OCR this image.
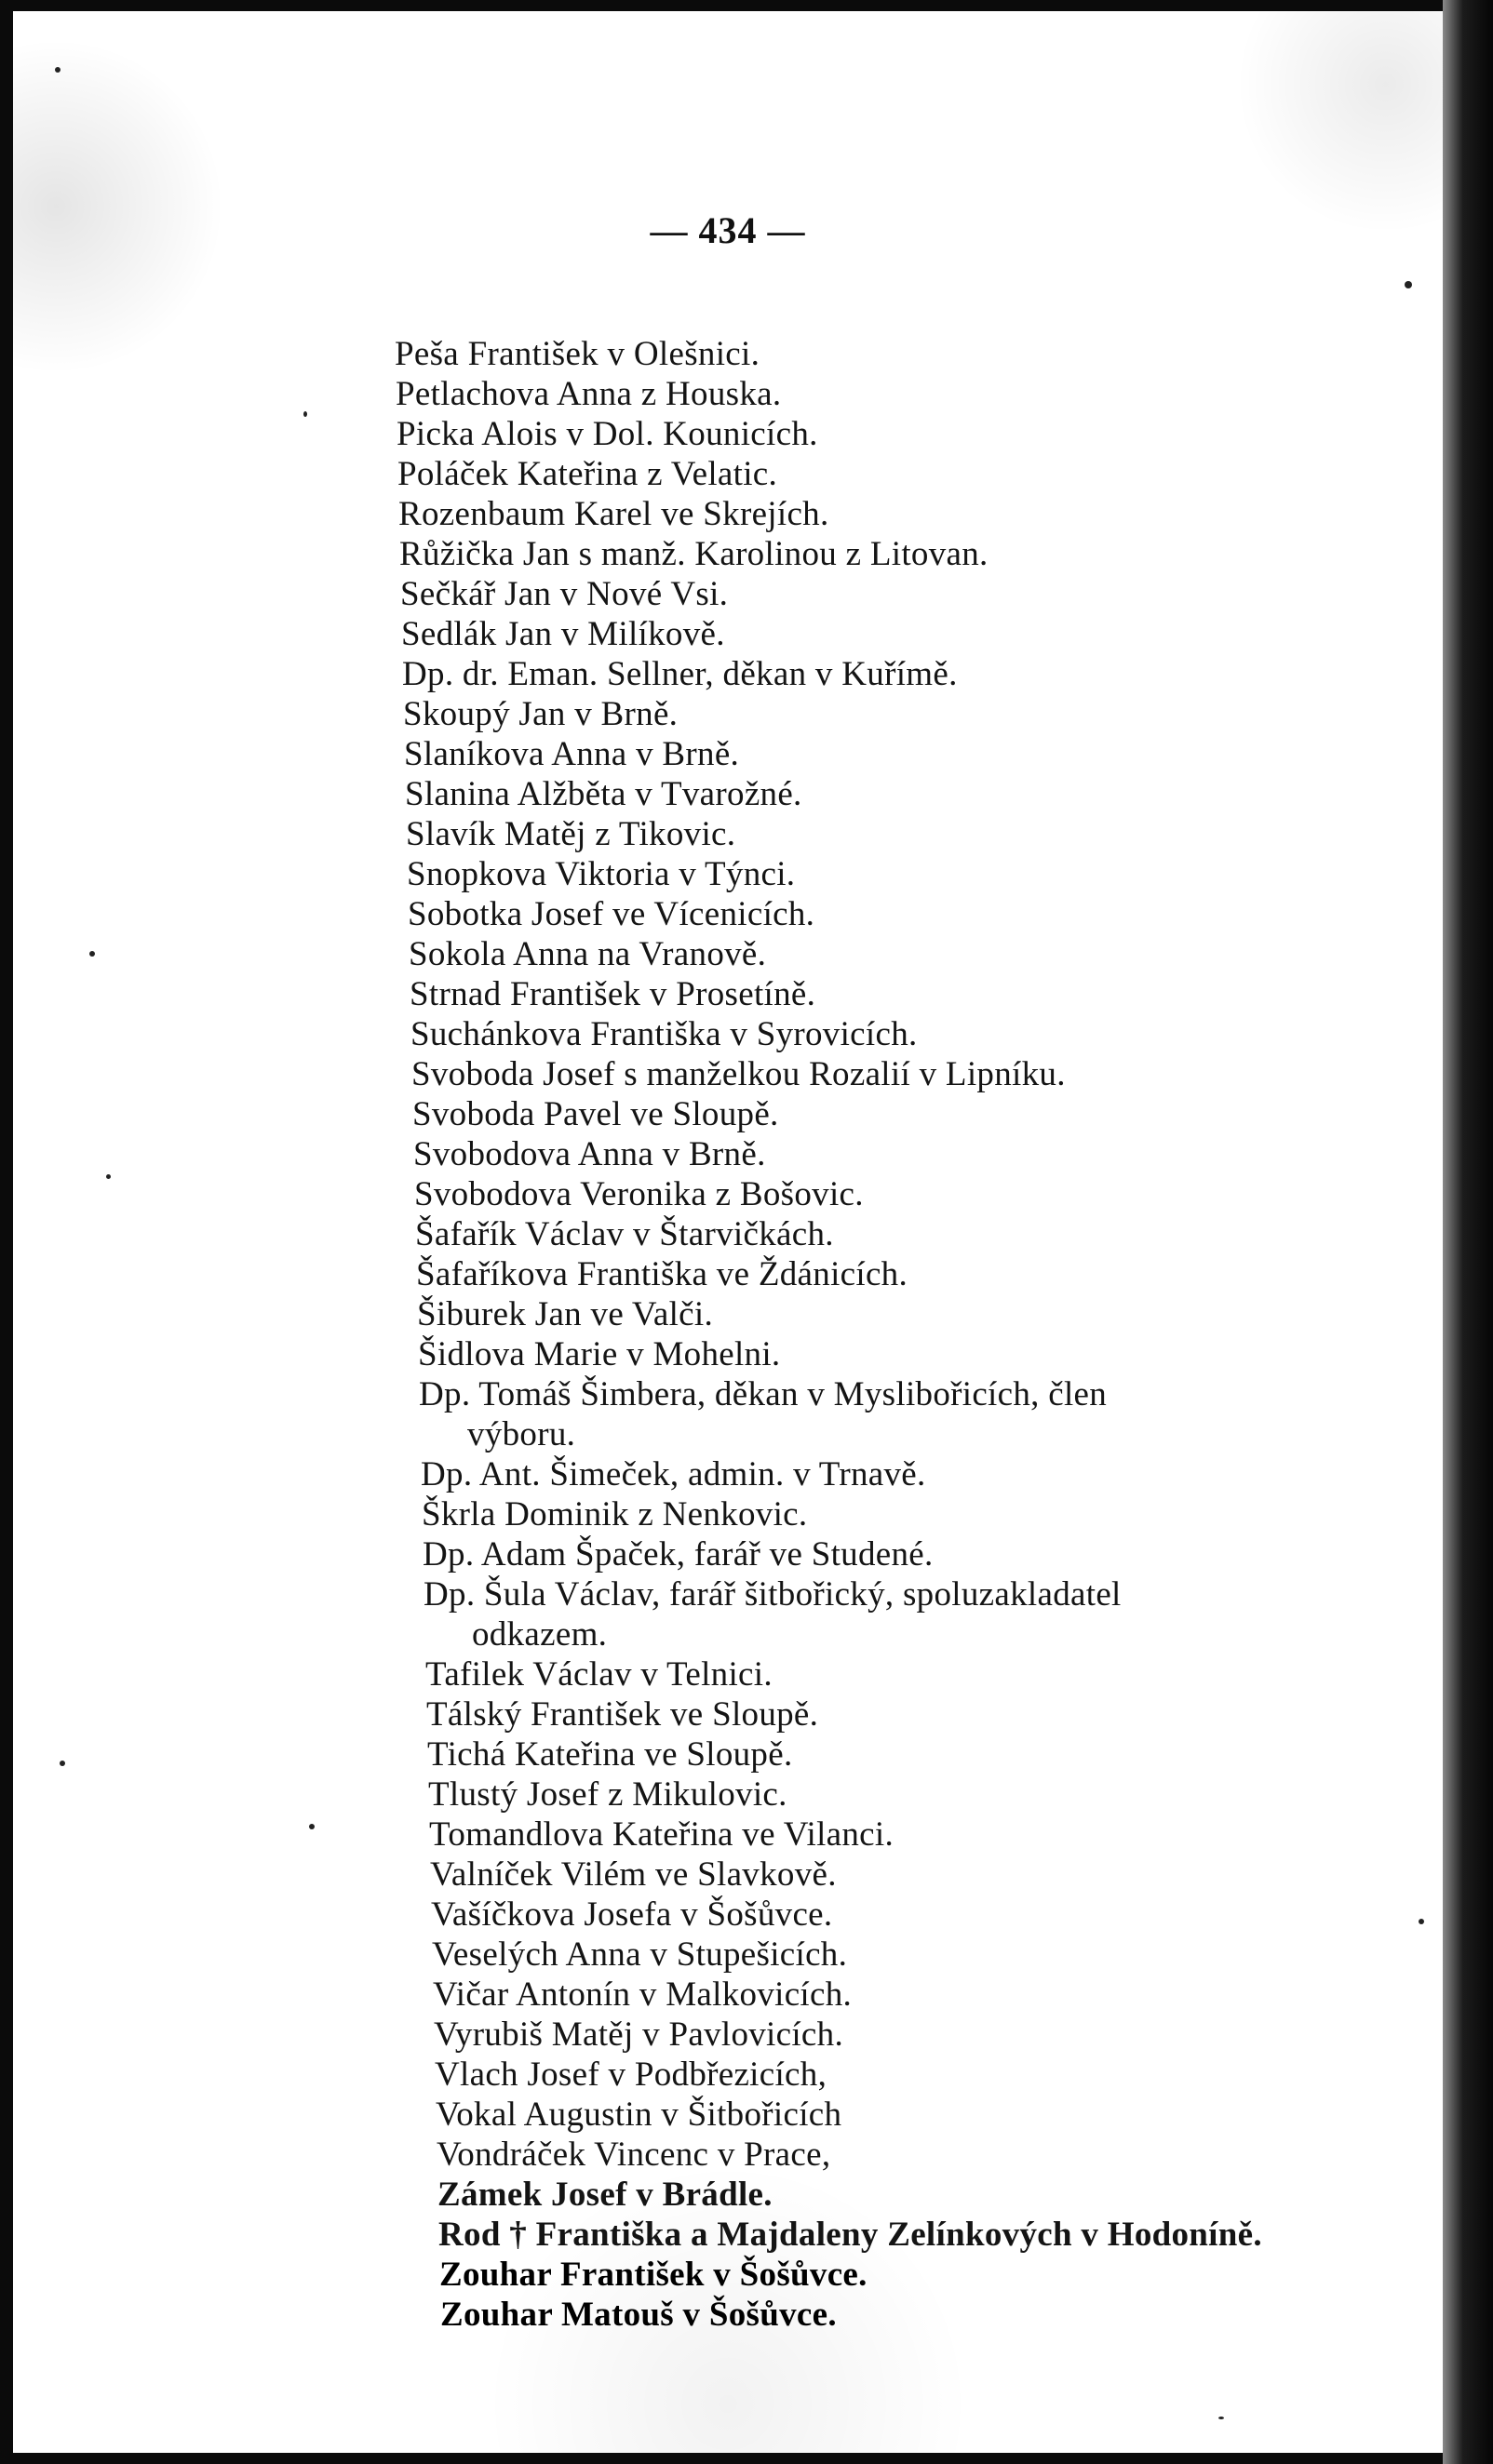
— 434 —
Peša František v Olešnici.
Petlachova Anna z Houska.
Picka Alois v Dol. Kounicích.
Poláček Kateřina z Velatic.
Rozenbaum Karel ve Skrejích.
Růžička Jan s manž. Karolinou z Litovan.
Sečkář Jan v Nové Vsi.
Sedlák Jan v Milíkově.
Dp. dr. Eman. Sellner, děkan v Kuřímě.
Skoupý Jan v Brně.
Slaníkova Anna v Brně.
Slanina Alžběta v Tvarožné.
Slavík Matěj z Tikovic.
Snopkova Viktoria v Týnci.
Sobotka Josef ve Vícenicích.
Sokola Anna na Vranově.
Strnad František v Prosetíně.
Suchánkova Františka v Syrovicích.
Svoboda Josef s manželkou Rozalií v Lipníku.
Svoboda Pavel ve Sloupě.
Svobodova Anna v Brně.
Svobodova Veronika z Bošovic.
Šafařík Václav v Štarvičkách.
Šafaříkova Františka ve Ždánicích.
Šiburek Jan ve Valči.
Šidlova Marie v Mohelni.
Dp. Tomáš Šimbera, děkan v Myslibořicích, člen
výboru.
Dp. Ant. Šimeček, admin. v Trnavě.
Škrla Dominik z Nenkovic.
Dp. Adam Špaček, farář ve Studené.
Dp. Šula Václav, farář šitbořický, spoluzakladatel
odkazem.
Tafilek Václav v Telnici.
Tálský František ve Sloupě.
Tichá Kateřina ve Sloupě.
Tlustý Josef z Mikulovic.
Tomandlova Kateřina ve Vilanci.
Valníček Vilém ve Slavkově.
Vašíčkova Josefa v Šošůvce.
Veselých Anna v Stupešicích.
Vičar Antonín v Malkovicích.
Vyrubiš Matěj v Pavlovicích.
Vlach Josef v Podbřezicích,
Vokal Augustin v Šitbořicích
Vondráček Vincenc v Prace,
Zámek Josef v Brádle.
Rod † Františka a Majdaleny Zelínkových v Hodoníně.
Zouhar František v Šošůvce.
Zouhar Matouš v Šošůvce.
